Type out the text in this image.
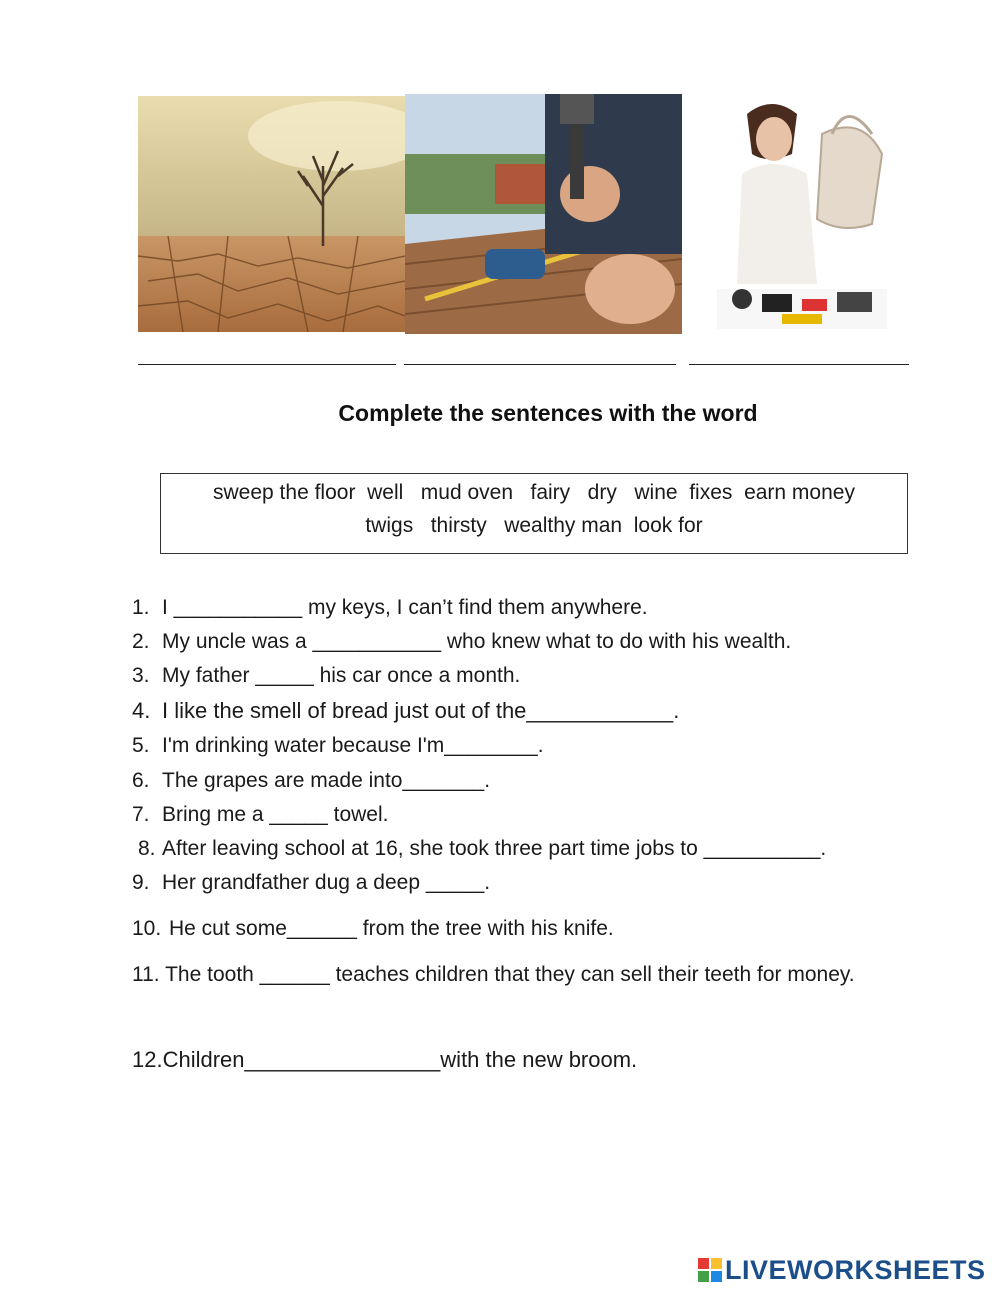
Complete the sentences with the word
sweep the floor  well   mud oven   fairy   dry   wine  fixes  earn money
twigs   thirsty   wealthy man  look for
1. I ___________ my keys, I can’t find them anywhere.
2. My uncle was a ___________ who knew what to do with his wealth.
3. My father _____ his car once a month.
4. I like the smell of bread just out of the____________.
5. I'm drinking water because I'm________.
6. The grapes are made into_______.
7. Bring me a _____ towel.
8. After leaving school at 16, she took three part time jobs to __________.
9. Her grandfather dug a deep _____.
10. He cut some______ from the tree with his knife.
11. The tooth ______ teaches children that they can sell their teeth for money.
12.Children________________with the new broom.
LIVEWORKSHEETS
